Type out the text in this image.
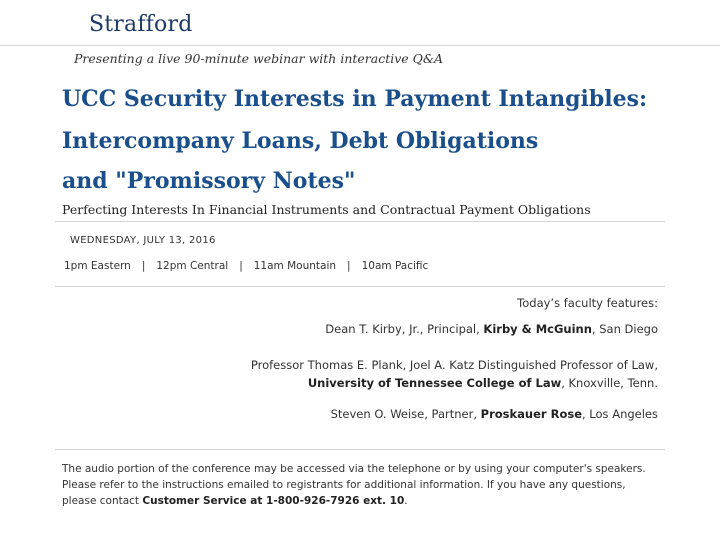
Strafford
Presenting a live 90-minute webinar with interactive Q&A
UCC Security Interests in Payment Intangibles:
Intercompany Loans, Debt Obligations
and "Promissory Notes"
Perfecting Interests In Financial Instruments and Contractual Payment Obligations
WEDNESDAY, JULY 13, 2016
1pm Eastern | 12pm Central | 11am Mountain | 10am Pacific
Today’s faculty features:
Dean T. Kirby, Jr., Principal, Kirby & McGuinn, San Diego
Professor Thomas E. Plank, Joel A. Katz Distinguished Professor of Law,
University of Tennessee College of Law, Knoxville, Tenn.
Steven O. Weise, Partner, Proskauer Rose, Los Angeles
The audio portion of the conference may be accessed via the telephone or by using your computer's speakers. Please refer to the instructions emailed to registrants for additional information. If you have any questions, please contact Customer Service at 1-800-926-7926 ext. 10.
